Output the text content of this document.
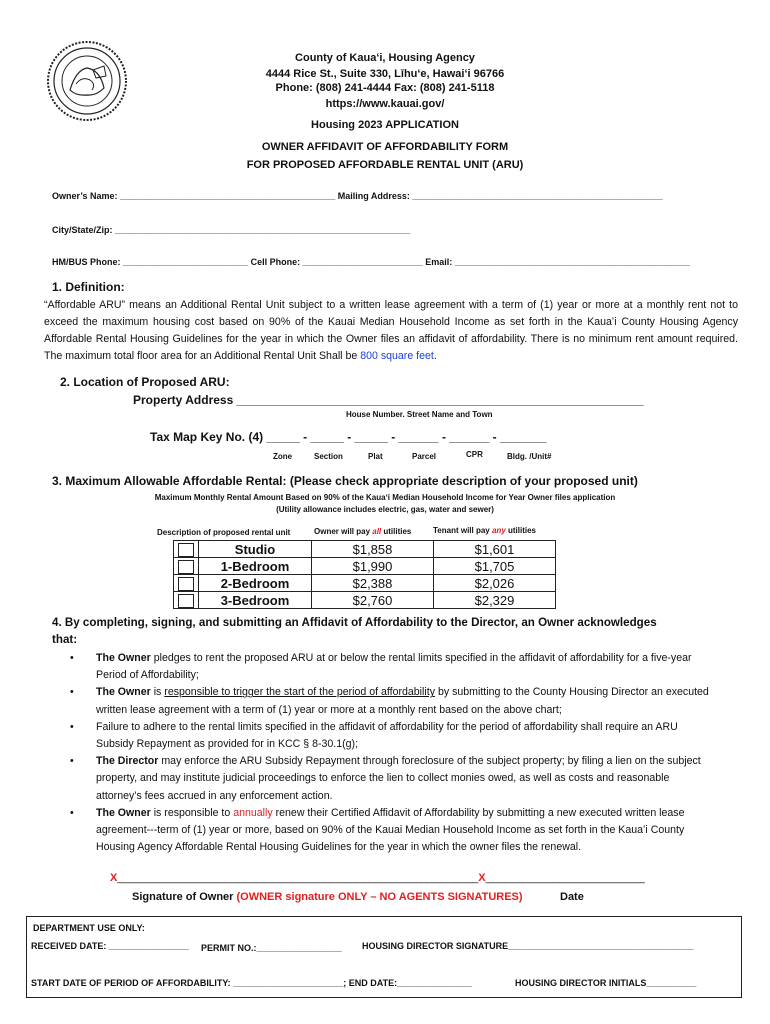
County of Kauaʻi, Housing Agency
4444 Rice St., Suite 330, Līhuʻe, Hawaiʻi 96766
Phone: (808) 241-4444 Fax: (808) 241-5118
https://www.kauai.gov/
Housing 2023 APPLICATION
OWNER AFFIDAVIT OF AFFORDABILITY FORM
FOR PROPOSED AFFORDABLE RENTAL UNIT (ARU)
Owner’s Name: ___________________________________________ Mailing Address: __________________________________________________
City/State/Zip: ___________________________________________________________
HM/BUS Phone: _________________________ Cell Phone: ________________________ Email: _______________________________________________
1. Definition:
“Affordable ARU” means an Additional Rental Unit subject to a written lease agreement with a term of (1) year or more at a monthly rent not to exceed the maximum housing cost based on 90% of the Kauai Median Household Income as set forth in the Kauaʻi County Housing Agency Affordable Rental Housing Guidelines for the year in which the Owner files an affidavit of affordability. There is no minimum rent amount required. The maximum total floor area for an Additional Rental Unit Shall be 800 square feet.
2. Location of Proposed ARU:
Property Address _____________________________________________________________
House Number. Street Name and Town
Tax Map Key No. (4) _____ - _____ - _____ - ______ - ______ - _______
Zone	Section	Plat	Parcel	CPR	Bldg. /Unit#
3. Maximum Allowable Affordable Rental: (Please check appropriate description of your proposed unit)
Maximum Monthly Rental Amount Based on 90% of the Kauaʻi Median Household Income for Year Owner files application
(Utility allowance includes electric, gas, water and sewer)
Description of proposed rental unit	Owner will pay all utilities	Tenant will pay any utilities
	Studio	$1,858	$1,601
	1-Bedroom	$1,990	$1,705
	2-Bedroom	$2,388	$2,026
	3-Bedroom	$2,760	$2,329
4. By completing, signing, and submitting an Affidavit of Affordability to the Director, an Owner acknowledges
that:
• The Owner pledges to rent the proposed ARU at or below the rental limits specified in the affidavit of affordability for a five-year Period of Affordability;
• The Owner is responsible to trigger the start of the period of affordability by submitting to the County Housing Director an executed written lease agreement with a term of (1) year or more at a monthly rent based on the above chart;
• Failure to adhere to the rental limits specified in the affidavit of affordability for the period of affordability shall require an ARU Subsidy Repayment as provided for in KCC § 8-30.1(g);
• The Director may enforce the ARU Subsidy Repayment through foreclosure of the subject property; by filing a lien on the subject property, and may institute judicial proceedings to enforce the lien to collect monies owed, as well as costs and reasonable attorney’s fees accrued in any enforcement action.
• The Owner is responsible to annually renew their Certified Affidavit of Affordability by submitting a new executed written lease agreement---term of (1) year or more, based on 90% of the Kauai Median Household Income as set forth in the Kauaʻi County Housing Agency Affordable Rental Housing Guidelines for the year in which the owner files the renewal.
X___________________________________________________________X__________________________
Signature of Owner (OWNER signature ONLY – NO AGENTS SIGNATURES)	Date
DEPARTMENT USE ONLY:
RECEIVED DATE: ________________ PERMIT NO.:_________________ HOUSING DIRECTOR SIGNATURE_____________________________________
START DATE OF PERIOD OF AFFORDABILITY: ______________________; END DATE:_______________	HOUSING DIRECTOR INITIALS__________
